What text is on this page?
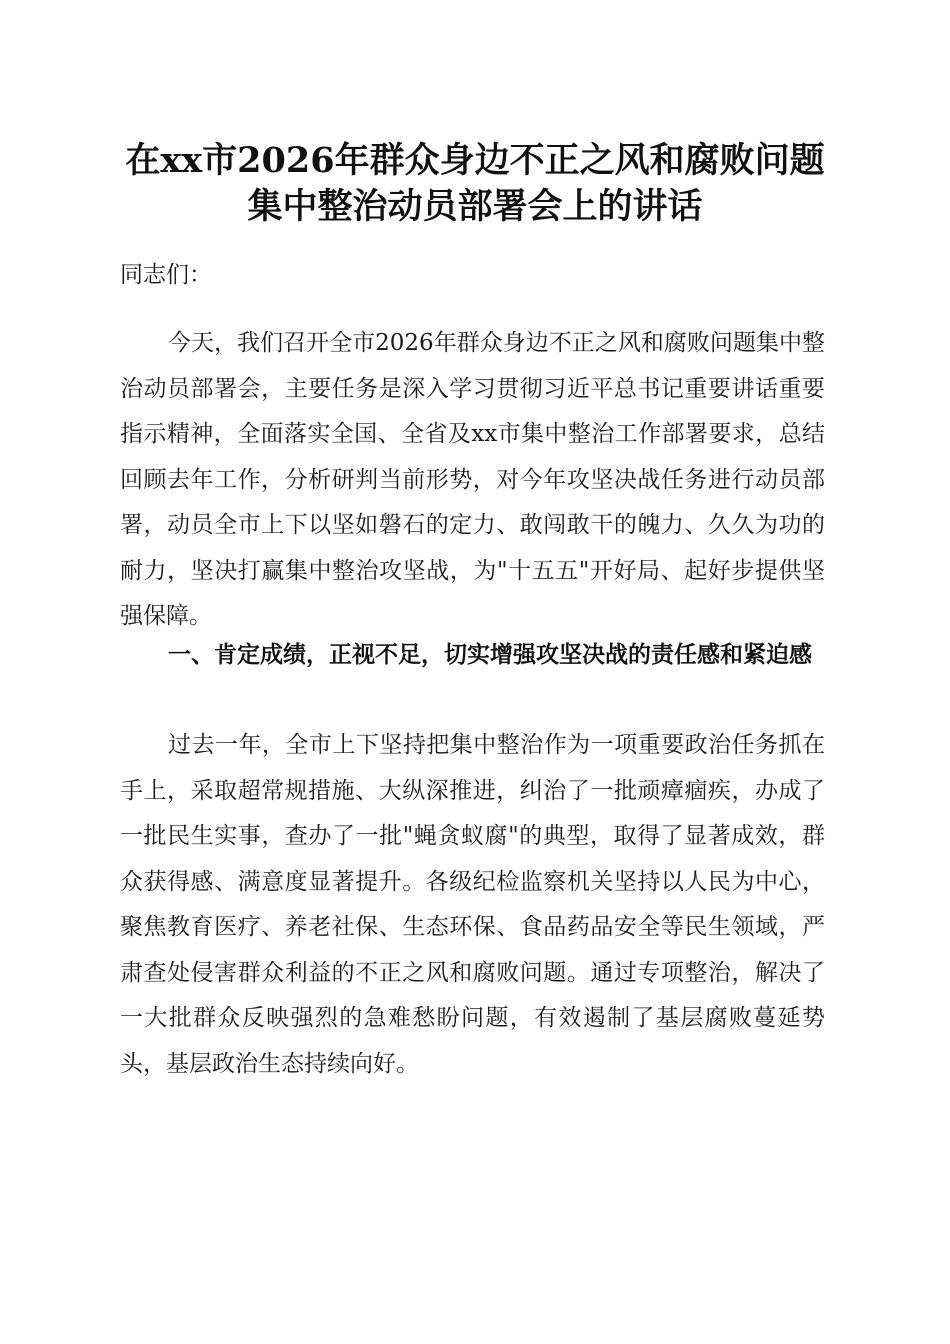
在xx市2026年群众身边不正之风和腐败问题
集中整治动员部署会上的讲话

同志们：

今天，我们召开全市2026年群众身边不正之风和腐败问题集中整治动员部署会，主要任务是深入学习贯彻习近平总书记重要讲话重要指示精神，全面落实全国、全省及xx市集中整治工作部署要求，总结回顾去年工作，分析研判当前形势，对今年攻坚决战任务进行动员部署，动员全市上下以坚如磐石的定力、敢闯敢干的魄力、久久为功的耐力，坚决打赢集中整治攻坚战，为"十五五"开好局、起好步提供坚强保障。

一、肯定成绩，正视不足，切实增强攻坚决战的责任感和紧迫感

过去一年，全市上下坚持把集中整治作为一项重要政治任务抓在手上，采取超常规措施、大纵深推进，纠治了一批顽瘴痼疾，办成了一批民生实事，查办了一批"蝇贪蚁腐"的典型，取得了显著成效，群众获得感、满意度显著提升。各级纪检监察机关坚持以人民为中心，聚焦教育医疗、养老社保、生态环保、食品药品安全等民生领域，严肃查处侵害群众利益的不正之风和腐败问题。通过专项整治，解决了一大批群众反映强烈的急难愁盼问题，有效遏制了基层腐败蔓延势头，基层政治生态持续向好。
